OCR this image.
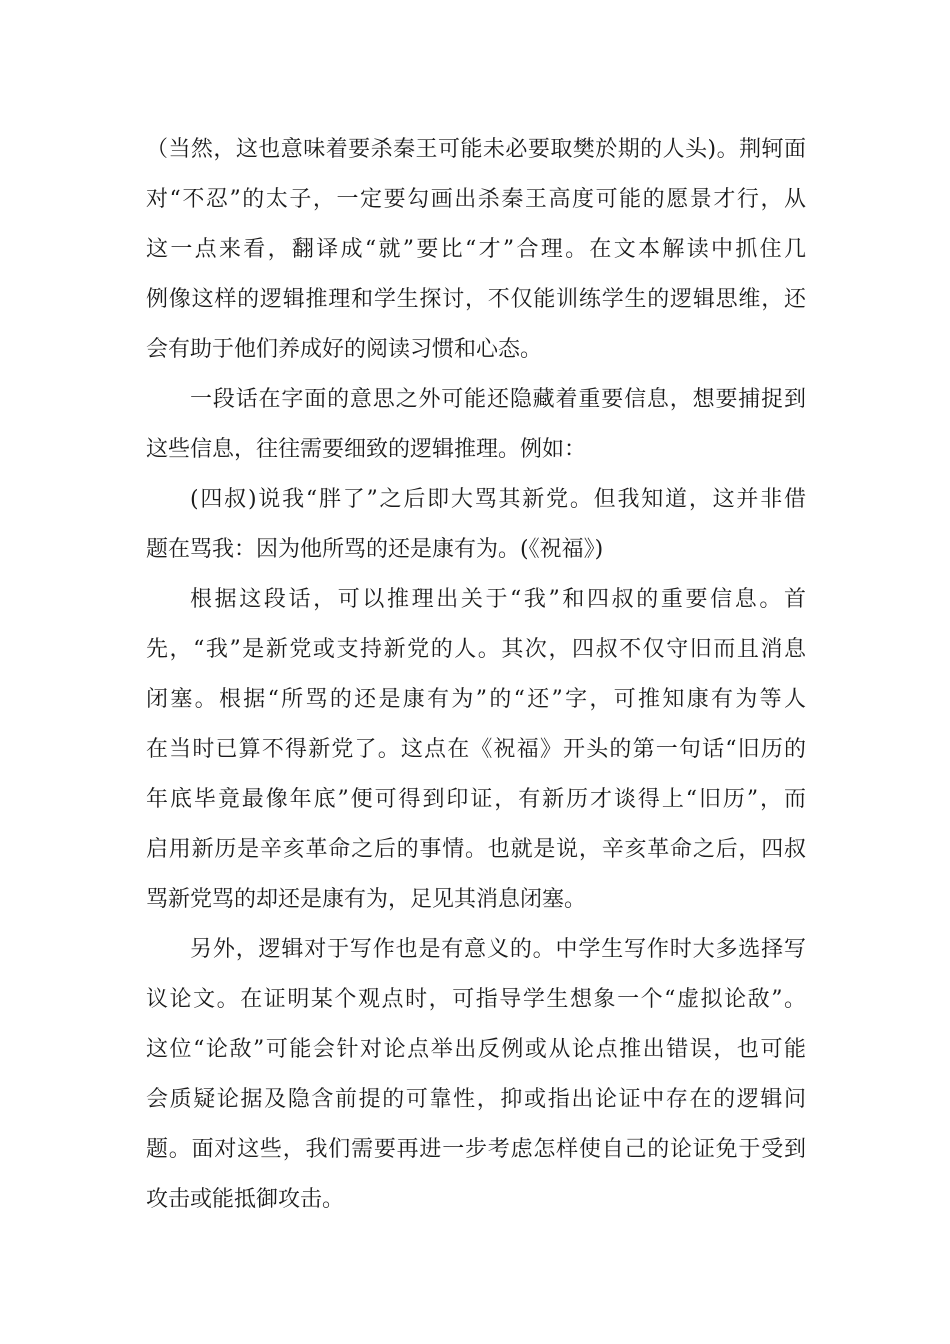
（当然，这也意味着要杀秦王可能未必要取樊於期的人头)。荆轲面
对“不忍”的太子，一定要勾画出杀秦王高度可能的愿景才行，从
这一点来看，翻译成“就”要比“才”合理。在文本解读中抓住几
例像这样的逻辑推理和学生探讨，不仅能训练学生的逻辑思维，还
会有助于他们养成好的阅读习惯和心态。
一段话在字面的意思之外可能还隐藏着重要信息，想要捕捉到
这些信息，往往需要细致的逻辑推理。例如：
(四叔)说我“胖了”之后即大骂其新党。但我知道，这并非借
题在骂我：因为他所骂的还是康有为。(《祝福》)
根据这段话，可以推理出关于“我”和四叔的重要信息。首
先，“我”是新党或支持新党的人。其次，四叔不仅守旧而且消息
闭塞。根据“所骂的还是康有为”的“还”字，可推知康有为等人
在当时已算不得新党了。这点在《祝福》开头的第一句话“旧历的
年底毕竟最像年底”便可得到印证，有新历才谈得上“旧历”，而
启用新历是辛亥革命之后的事情。也就是说，辛亥革命之后，四叔
骂新党骂的却还是康有为，足见其消息闭塞。
另外，逻辑对于写作也是有意义的。中学生写作时大多选择写
议论文。在证明某个观点时，可指导学生想象一个“虚拟论敌”。
这位“论敌”可能会针对论点举出反例或从论点推出错误，也可能
会质疑论据及隐含前提的可靠性，抑或指出论证中存在的逻辑问
题。面对这些，我们需要再进一步考虑怎样使自己的论证免于受到
攻击或能抵御攻击。
